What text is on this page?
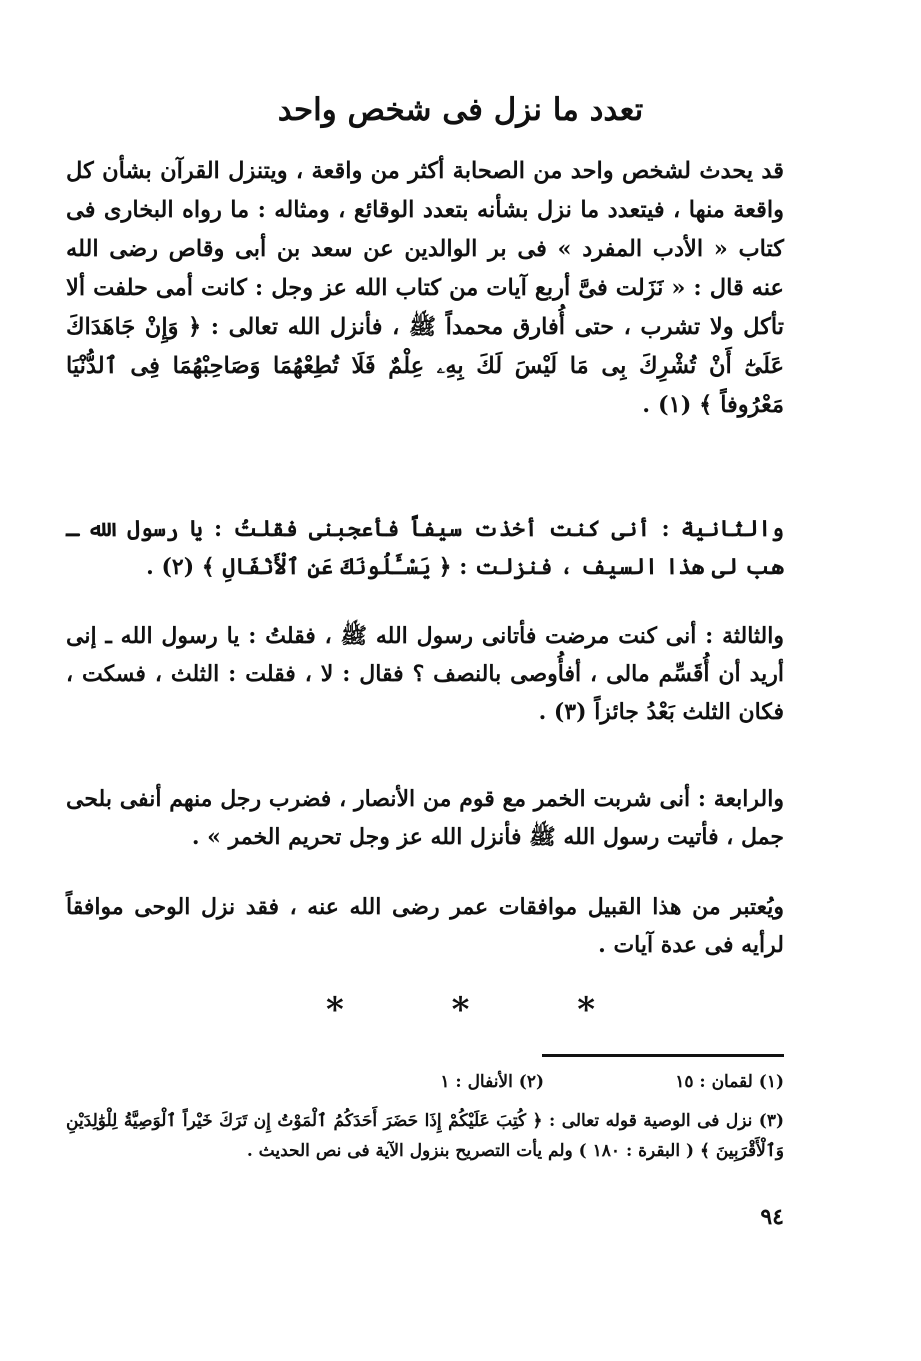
تعدد ما نزل فى شخص واحد

قد يحدث لشخص واحد من الصحابة أكثر من واقعة ، ويتنزل القرآن بشأن كل واقعة منها ، فيتعدد ما نزل بشأنه بتعدد الوقائع ، ومثاله : ما رواه البخارى فى كتاب « الأدب المفرد » فى بر الوالدين عن سعد بن أبى وقاص رضى الله عنه قال : « نَزَلت فىَّ أربع آيات من كتاب الله عز وجل : كانت أمى حلفت ألا تأكل ولا تشرب ، حتى أُفارق محمداً ﷺ ، فأنزل الله تعالى : ﴿ وَإِنْ جَاهَدَاكَ عَلَىٰٓ أَنْ تُشْرِكَ بِى مَا لَيْسَ لَكَ بِهِۦ عِلْمٌ فَلَا تُطِعْهُمَا وَصَاحِبْهُمَا فِى ٱلدُّنْيَا مَعْرُوفاً ﴾ (١) .

والثانية : أنى كنت أخذت سيفاً فأعجبنى فقلتُ : يا رسول الله ـ هب لى هذا السيف ، فنزلت : ﴿ يَسْـَٔلُونَكَ عَنِ ٱلْأَنْفَالِ ﴾ (٢) .

والثالثة : أنى كنت مرضت فأتانى رسول الله ﷺ ، فقلتُ : يا رسول الله ـ إنى أريد أن أُقَسِّم مالى ، أفأُوصى بالنصف ؟ فقال : لا ، فقلت : الثلث ، فسكت ، فكان الثلث بَعْدُ جائزاً (٣) .

والرابعة : أنى شربت الخمر مع قوم من الأنصار ، فضرب رجل منهم أنفى بلحى جمل ، فأتيت رسول الله ﷺ فأنزل الله عز وجل تحريم الخمر » .

ويُعتبر من هذا القبيل موافقات عمر رضى الله عنه ، فقد نزل الوحى موافقاً لرأيه فى عدة آيات .

* * *
(١) لقمان : ١٥
(٢) الأنفال : ١

(٣) نزل فى الوصية قوله تعالى : ﴿ كُتِبَ عَلَيْكُمْ إِذَا حَضَرَ أَحَدَكُمُ ٱلْمَوْتُ إِن تَرَكَ خَيْراً ٱلْوَصِيَّةُ لِلْوَٰلِدَيْنِ وَٱلْأَقْرَبِينَ ﴾ ( البقرة : ١٨٠ ) ولم يأت التصريح بنزول الآية فى نص الحديث .

٩٤
